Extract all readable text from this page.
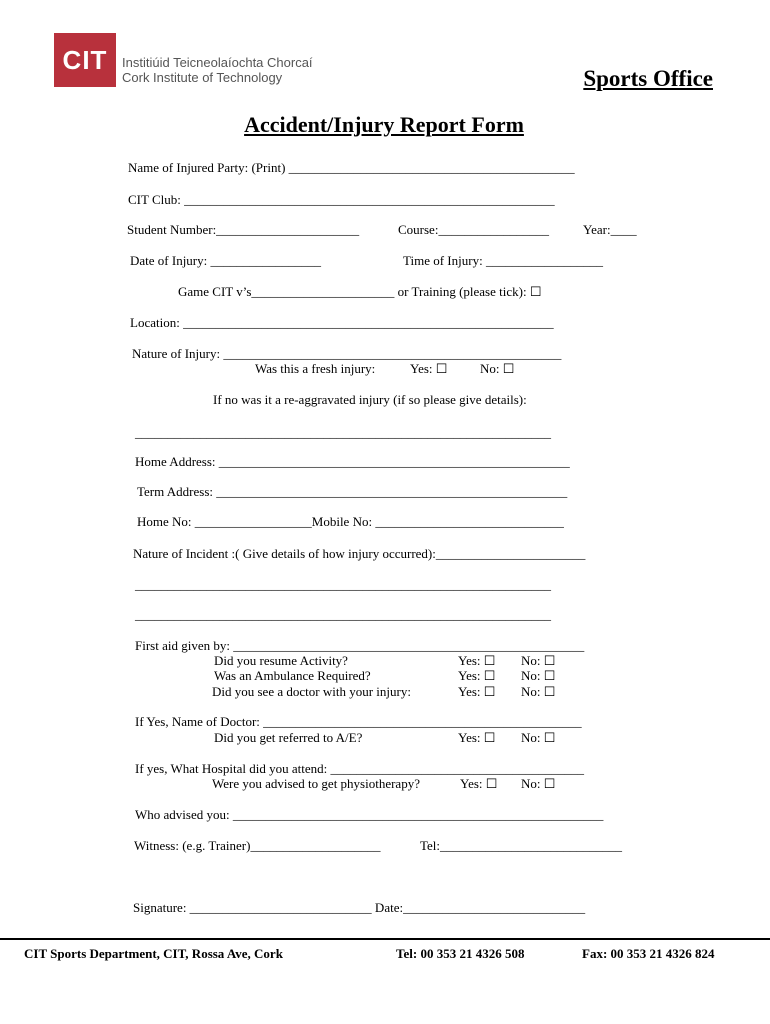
CIT Institiúid Teicneolaíochta Chorcaí
Cork Institute of Technology	Sports Office
Accident/Injury Report Form
Name of Injured Party: (Print) ____________________________________________
CIT Club: _________________________________________________________
Student Number:______________________	Course:_________________	Year:____
Date of Injury: _________________	Time of Injury: __________________
Game CIT v’s______________________ or Training (please tick): ☐
Location: _________________________________________________________
Nature of Injury: ____________________________________________________
Was this a fresh injury:	Yes: ☐	No: ☐
If no was it a re-aggravated injury (if so please give details):
________________________________________________________________
Home Address: ______________________________________________________
Term Address: ______________________________________________________
Home No: __________________Mobile No: _____________________________
Nature of Incident :( Give details of how injury occurred):_______________________
________________________________________________________________
________________________________________________________________
First aid given by: ______________________________________________________
Did you resume Activity?	Yes: ☐ No: ☐
Was an Ambulance Required?	Yes: ☐ No: ☐
Did you see a doctor with your injury:	Yes: ☐ No: ☐
If Yes, Name of Doctor: _________________________________________________
Did you get referred to A/E?	Yes: ☐ No: ☐
If yes, What Hospital did you attend: _______________________________________
Were you advised to get physiotherapy?	Yes: ☐ No: ☐
Who advised you: _________________________________________________________
Witness: (e.g. Trainer)____________________	Tel:____________________________
Signature: ____________________________ Date:____________________________
CIT Sports Department, CIT, Rossa Ave, Cork	Tel: 00 353 21 4326 508	Fax: 00 353 21 4326 824
